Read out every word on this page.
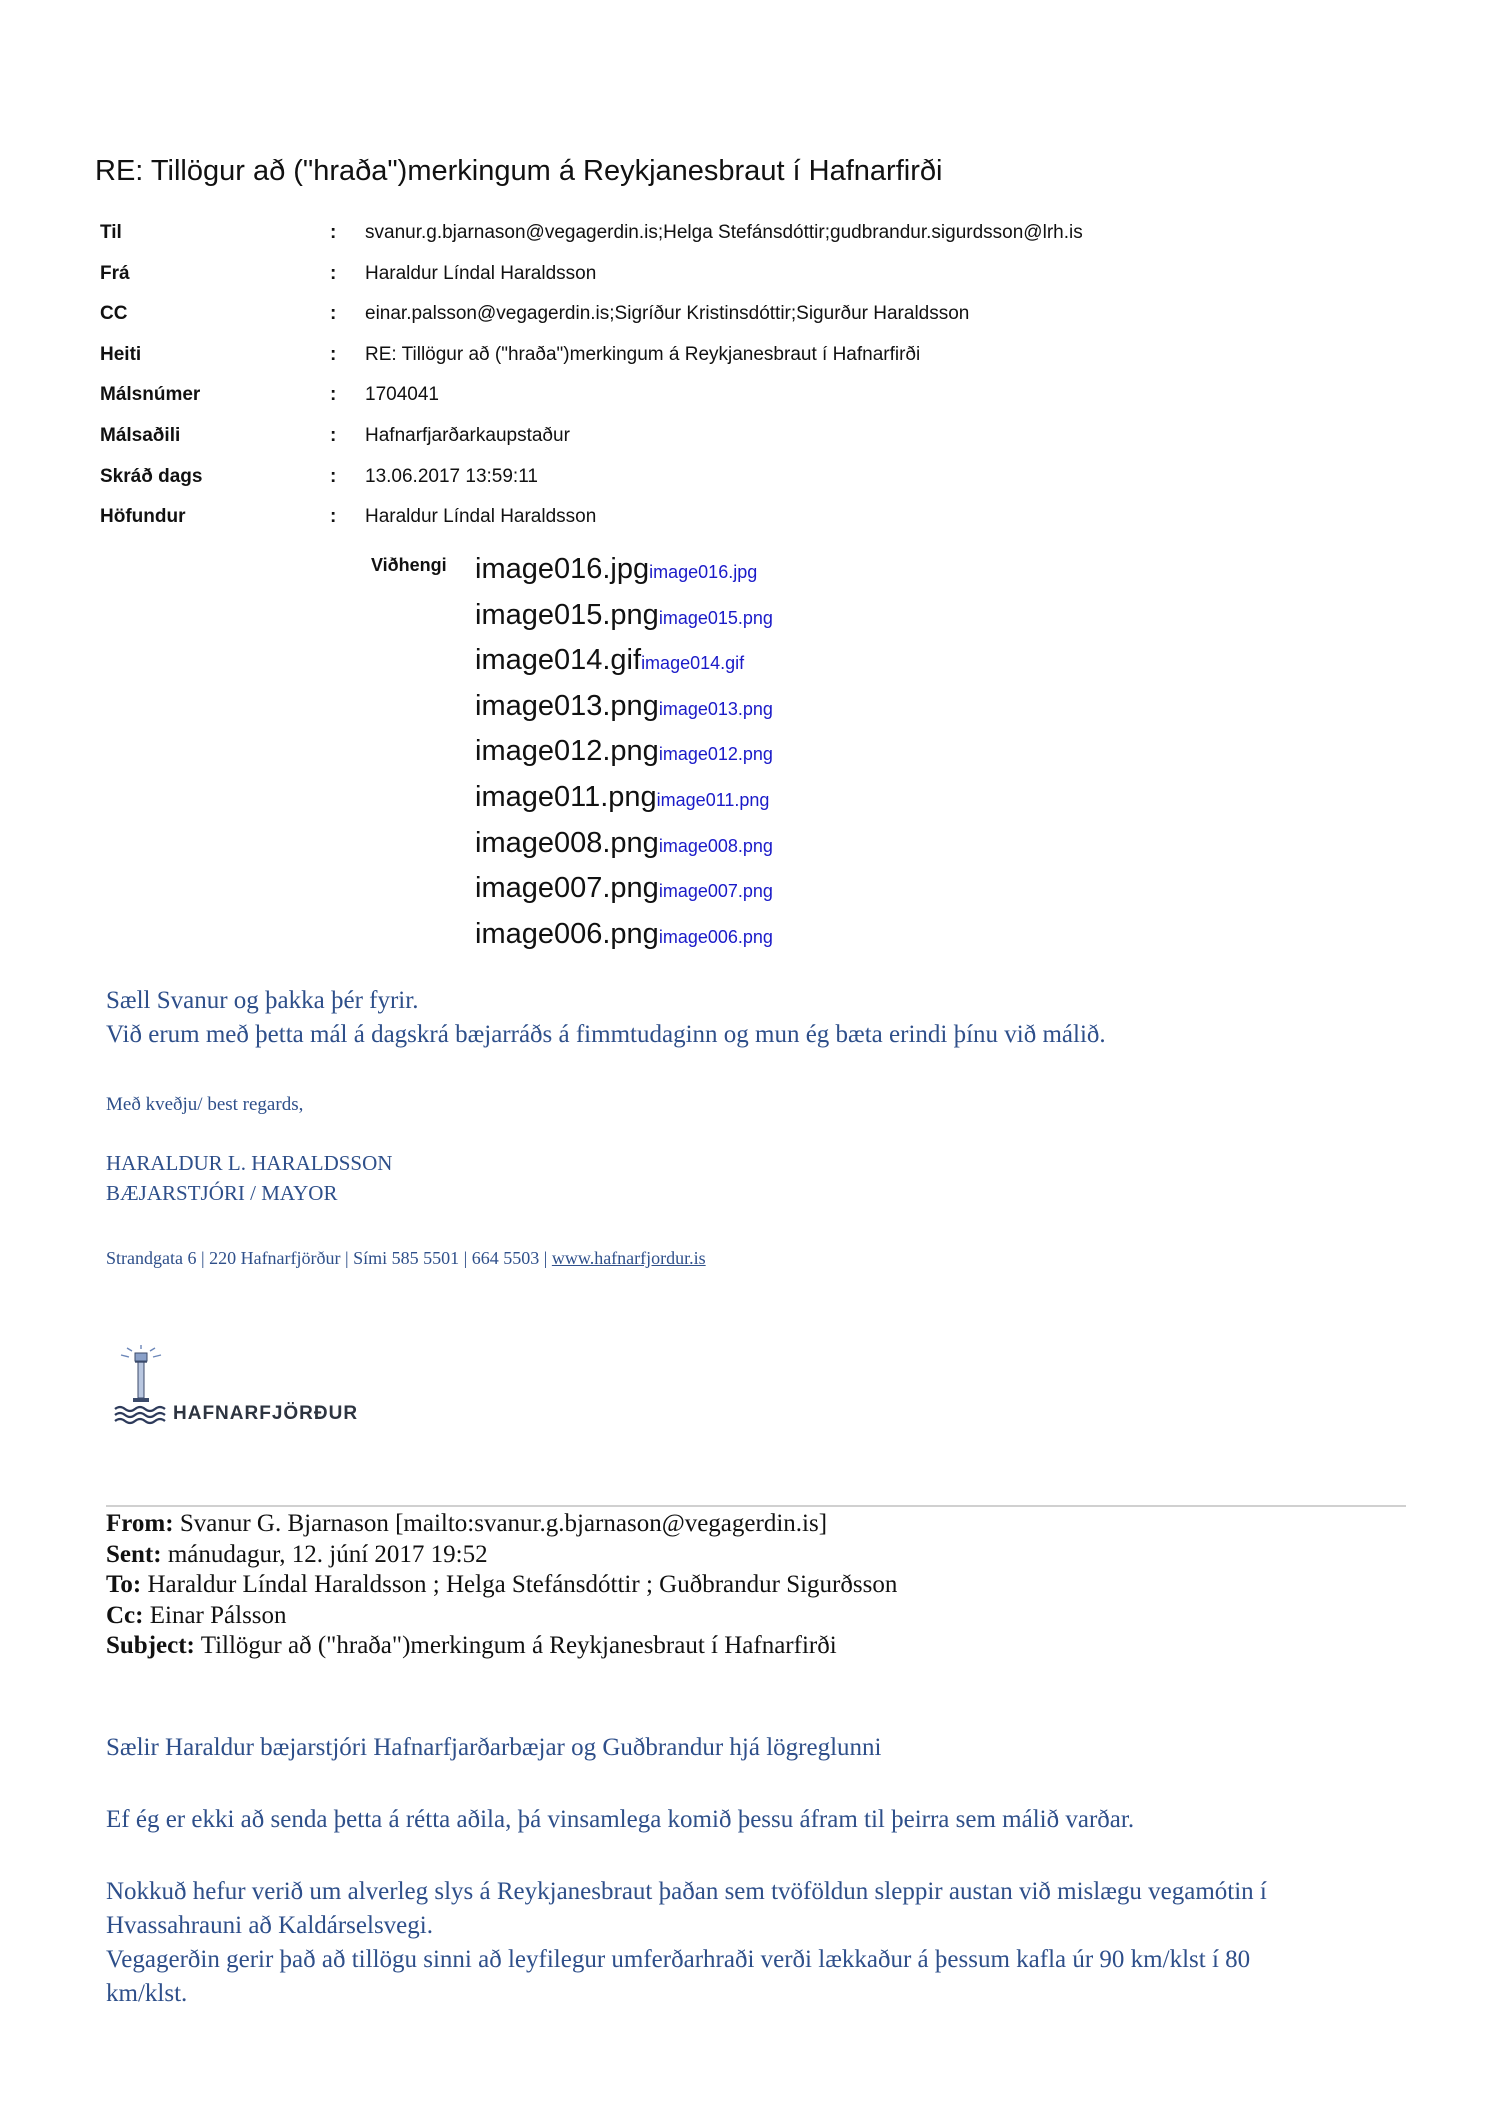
RE: Tillögur að ("hraða")merkingum á Reykjanesbraut í Hafnarfirði
Til	: svanur.g.bjarnason@vegagerdin.is;Helga Stefánsdóttir;gudbrandur.sigurdsson@lrh.is
Frá	: Haraldur Líndal Haraldsson
CC	: einar.palsson@vegagerdin.is;Sigríður Kristinsdóttir;Sigurður Haraldsson
Heiti	: RE: Tillögur að ("hraða")merkingum á Reykjanesbraut í Hafnarfirði
Málsnúmer	: 1704041
Málsaðili	: Hafnarfjarðarkaupstaður
Skráð dags	: 13.06.2017 13:59:11
Höfundur	: Haraldur Líndal Haraldsson
Viðhengi image016.jpgimage016.jpg
image015.pngimage015.png
image014.gifimage014.gif
image013.pngimage013.png
image012.pngimage012.png
image011.pngimage011.png
image008.pngimage008.png
image007.pngimage007.png
image006.pngimage006.png
Sæll Svanur og þakka þér fyrir.
Við erum með þetta mál á dagskrá bæjarráðs á fimmtudaginn og mun ég bæta erindi þínu við málið.
Með kveðju/ best regards,
HARALDUR L. HARALDSSON
BÆJARSTJÓRI / MAYOR
Strandgata 6 | 220 Hafnarfjörður | Sími 585 5501 | 664 5503 | www.hafnarfjordur.is
HAFNARFJÖRÐUR
From: Svanur G. Bjarnason [mailto:svanur.g.bjarnason@vegagerdin.is]
Sent: mánudagur, 12. júní 2017 19:52
To: Haraldur Líndal Haraldsson ; Helga Stefánsdóttir ; Guðbrandur Sigurðsson
Cc: Einar Pálsson
Subject: Tillögur að ("hraða")merkingum á Reykjanesbraut í Hafnarfirði
Sælir Haraldur bæjarstjóri Hafnarfjarðarbæjar og Guðbrandur hjá lögreglunni
Ef ég er ekki að senda þetta á rétta aðila, þá vinsamlega komið þessu áfram til þeirra sem málið varðar.
Nokkuð hefur verið um alverleg slys á Reykjanesbraut þaðan sem tvöföldun sleppir austan við mislægu vegamótin í
Hvassahrauni að Kaldárselsvegi.
Vegagerðin gerir það að tillögu sinni að leyfilegur umferðarhraði verði lækkaður á þessum kafla úr 90 km/klst í 80
km/klst.
